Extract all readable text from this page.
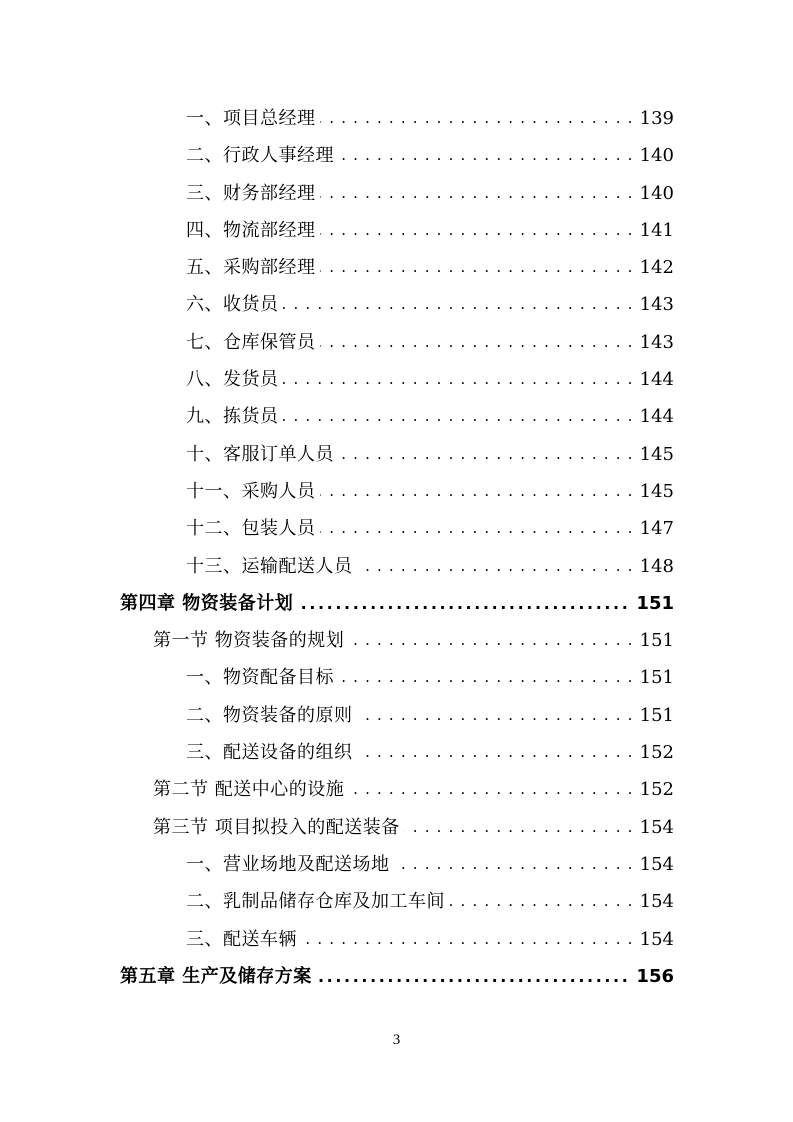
一、项目总经理 . . .	139
二、行政人事经理 . . .	140
三、财务部经理 . . .	140
四、物流部经理 . . .	141
五、采购部经理 . . .	142
六、收货员 . . .	143
七、仓库保管员 . . .	143
八、发货员 . . .	144
九、拣货员 . . .	144
十、客服订单人员 . . .	145
十一、采购人员 . . .	145
十二、包装人员 . . .	147
十三、运输配送人员 . . .	148
第四章 物资装备计划 .....	151
第一节 物资装备的规划 . . .	151
一、物资配备目标 . . .	151
二、物资装备的原则 . . .	151
三、配送设备的组织 . . .	152
第二节 配送中心的设施 . . .	152
第三节 项目拟投入的配送装备 . . .	154
一、营业场地及配送场地 . . .	154
二、乳制品储存仓库及加工车间 . . .	154
三、配送车辆 . . .	154
第五章 生产及储存方案 .....	156
3
